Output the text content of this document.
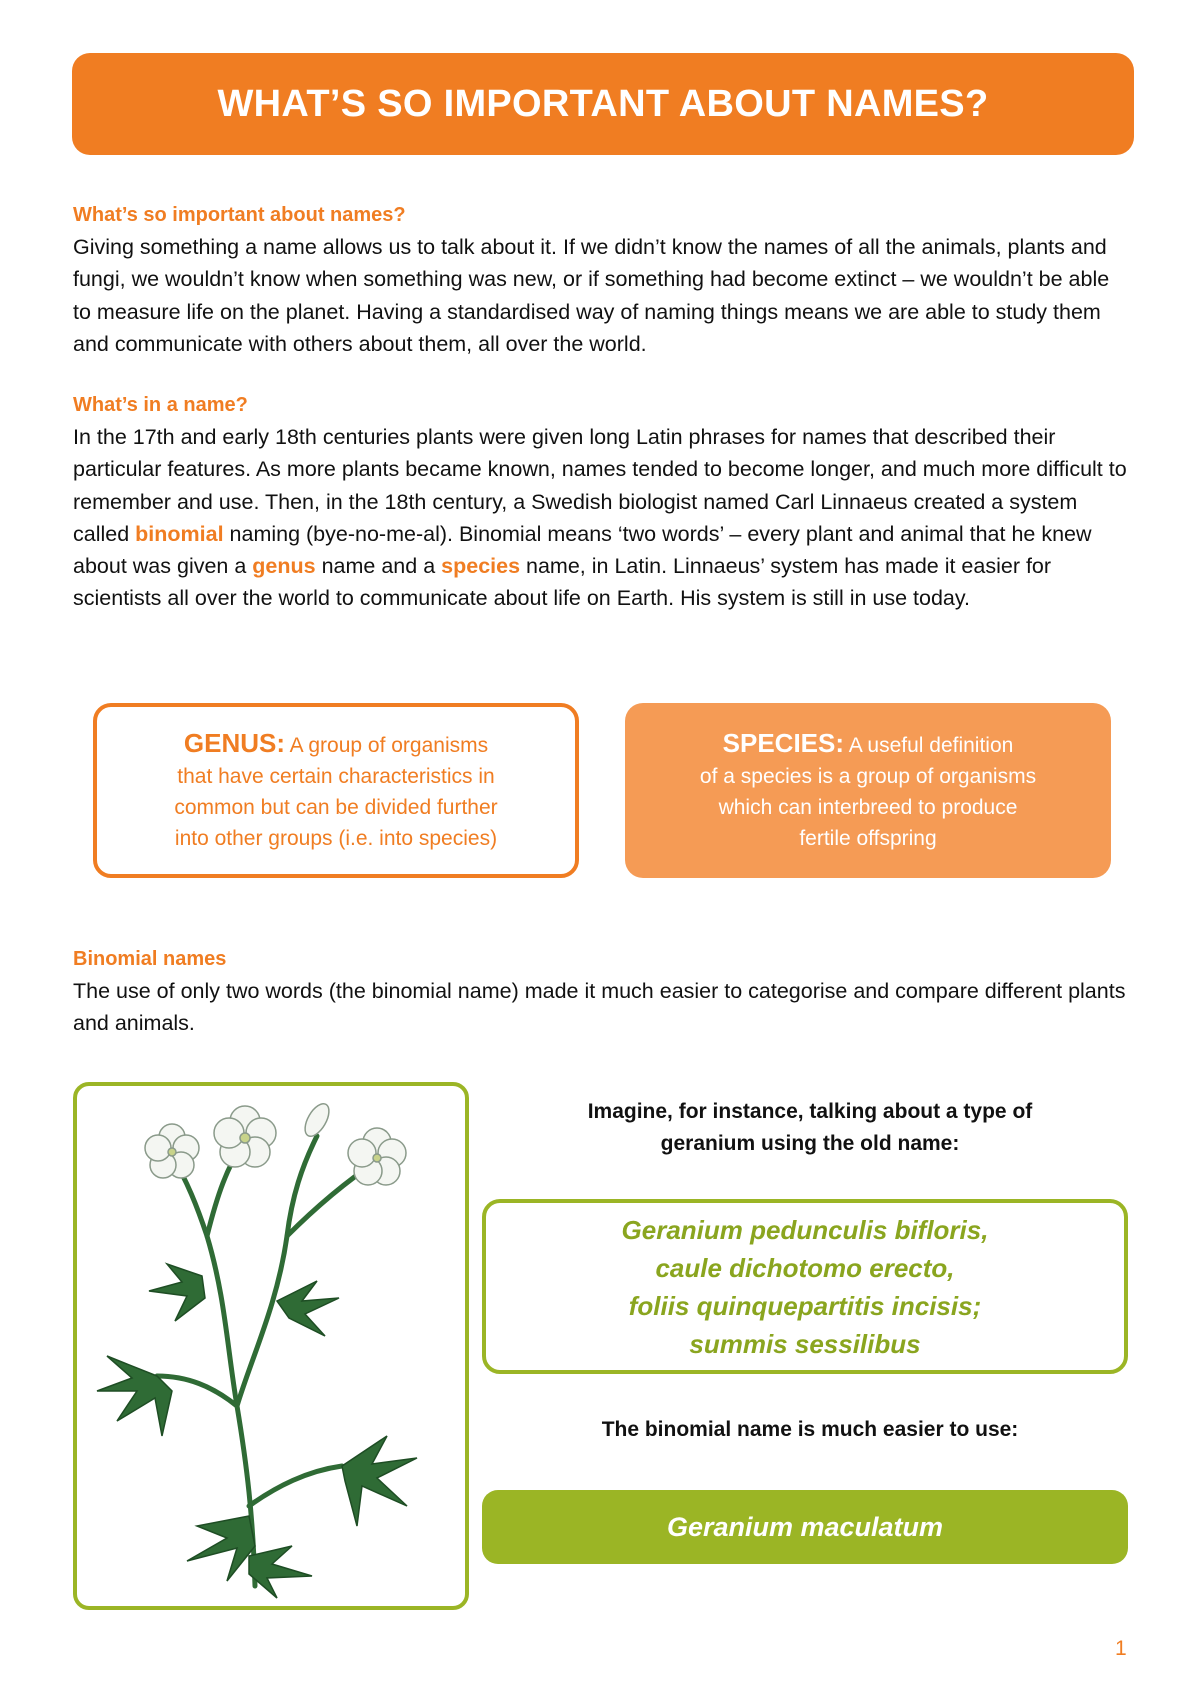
WHAT’S SO IMPORTANT ABOUT NAMES?
What’s so important about names?

Giving something a name allows us to talk about it. If we didn’t know the names of all the animals, plants and fungi, we wouldn’t know when something was new, or if something had become extinct – we wouldn’t be able to measure life on the planet. Having a standardised way of naming things means we are able to study them and communicate with others about them, all over the world.

What’s in a name?

In the 17th and early 18th centuries plants were given long Latin phrases for names that described their particular features. As more plants became known, names tended to become longer, and much more difficult to remember and use. Then, in the 18th century, a Swedish biologist named Carl Linnaeus created a system called binomial naming (bye-no-me-al). Binomial means ‘two words’ – every plant and animal that he knew about was given a genus name and a species name, in Latin. Linnaeus’ system has made it easier for scientists all over the world to communicate about life on Earth. His system is still in use today.

GENUS: A group of organisms
that have certain characteristics in
common but can be divided further
into other groups (i.e. into species)
SPECIES: A useful definition
of a species is a group of organisms
which can interbreed to produce
fertile offspring
Binomial names

The use of only two words (the binomial name) made it much easier to categorise and compare different plants and animals.

Imagine, for instance, talking about a type of
geranium using the old name:
Geranium pedunculis bifloris,
caule dichotomo erecto,
foliis quinquepartitis incisis;
summis sessilibus
The binomial name is much easier to use:
Geranium maculatum
1
